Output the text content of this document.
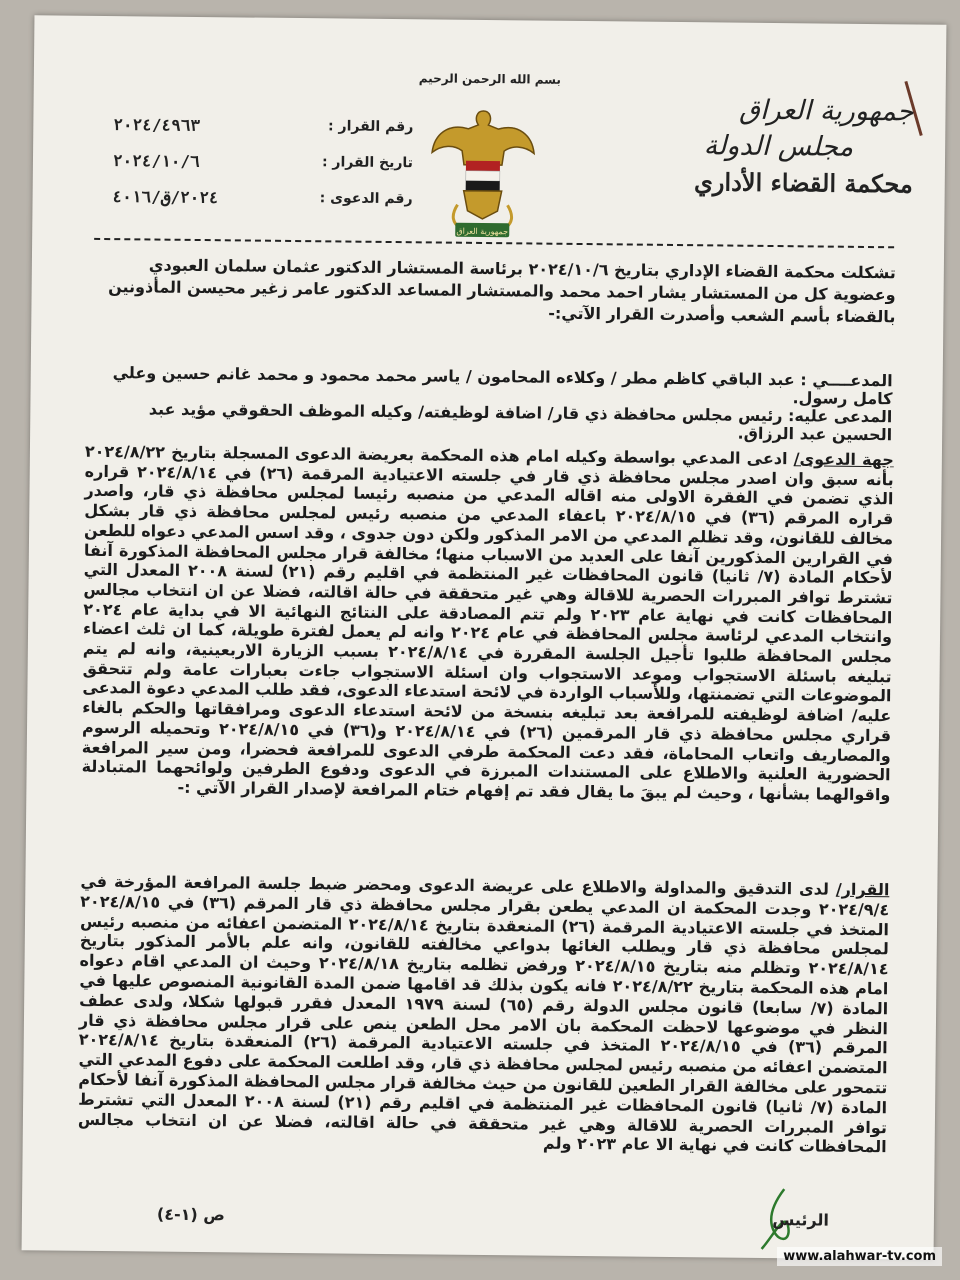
بسم الله الرحمن الرحيم
جمهورية العراق
مجلس الدولة
محكمة القضاء الأداري
جمهورية العراق
رقم القرار :
٢٠٢٤/٤٩٦٣
تاريخ القرار :
٢٠٢٤/١٠/٦
رقم الدعوى :
٢٠٢٤/ق/٤٠١٦
تشكلت محكمة القضاء الإداري بتاريخ ٢٠٢٤/١٠/٦ برئاسة المستشار الدكتور عثمان سلمان العبودي وعضوية كل من المستشار يشار احمد محمد والمستشار المساعد الدكتور عامر زغير محيسن المأذونين بالقضاء بأسم الشعب وأصدرت القرار الآتي:-
المدعــــي : عبد الباقي كاظم مطر / وكلاءه المحامون / ياسر محمد محمود و محمد غانم حسين وعلي كامل رسول.
المدعى عليه: رئيس مجلس محافظة ذي قار/ اضافة لوظيفته/ وكيله الموظف الحقوقي مؤيد عبد الحسين عبد الرزاق.
جهة الدعوى/ ادعى المدعي بواسطة وكيله امام هذه المحكمة بعريضة الدعوى المسجلة بتاريخ ٢٠٢٤/٨/٢٢ بأنه سبق وان اصدر مجلس محافظة ذي قار في جلسته الاعتيادية المرقمة (٢٦) في ٢٠٢٤/٨/١٤ قراره الذي تضمن في الفقرة الاولى منه اقاله المدعي من منصبه رئيسا لمجلس محافظة ذي قار، واصدر قراره المرقم (٣٦) في ٢٠٢٤/٨/١٥ باعفاء المدعي من منصبه رئيس لمجلس محافظة ذي قار بشكل مخالف للقانون، وقد تظلم المدعي من الامر المذكور ولكن دون جدوى ، وقد اسس المدعي دعواه للطعن في القرارين المذكورين آنفا على العديد من الاسباب منها؛ مخالفة قرار مجلس المحافظة المذكورة آنفا لأحكام المادة (٧/ ثانيا) قانون المحافظات غير المنتظمة في اقليم رقم (٢١) لسنة ٢٠٠٨ المعدل التي تشترط توافر المبررات الحصرية للاقالة وهي غير متحققة في حالة اقالته، فضلا عن ان انتخاب مجالس المحافظات كانت في نهاية عام ٢٠٢٣ ولم تتم المصادقة على النتائج النهائية الا في بداية عام ٢٠٢٤ وانتخاب المدعي لرئاسة مجلس المحافظة في عام ٢٠٢٤ وانه لم يعمل لفترة طويلة، كما ان ثلث اعضاء مجلس المحافظة طلبوا تأجيل الجلسة المقررة في ٢٠٢٤/٨/١٤ بسبب الزيارة الاربعينية، وانه لم يتم تبليغه باسئلة الاستجواب وموعد الاستجواب وان اسئلة الاستجواب جاءت بعبارات عامة ولم تتحقق الموضوعات التي تضمنتها، وللأسباب الواردة في لائحة استدعاء الدعوى، فقد طلب المدعي دعوة المدعى عليه/ اضافة لوظيفته للمرافعة بعد تبليغه بنسخة من لائحة استدعاء الدعوى ومرافقاتها والحكم بالغاء قراري مجلس محافظة ذي قار المرقمين (٢٦) في ٢٠٢٤/٨/١٤ و(٣٦) في ٢٠٢٤/٨/١٥ وتحميله الرسوم والمصاريف واتعاب المحاماة، فقد دعت المحكمة طرفي الدعوى للمرافعة فحضرا، ومن سير المرافعة الحضورية العلنية والاطلاع على المستندات المبرزة في الدعوى ودفوع الطرفين ولوائحهما المتبادلة واقوالهما بشأنها ، وحيث لم يبقَ ما يقال فقد تم إفهام ختام المرافعة لإصدار القرار الآتي :-
القرار/ لدى التدقيق والمداولة والاطلاع على عريضة الدعوى ومحضر ضبط جلسة المرافعة المؤرخة في ٢٠٢٤/٩/٤ وجدت المحكمة ان المدعي يطعن بقرار مجلس محافظة ذي قار المرقم (٣٦) في ٢٠٢٤/٨/١٥ المتخذ في جلسته الاعتيادية المرقمة (٢٦) المنعقدة بتاريخ ٢٠٢٤/٨/١٤ المتضمن اعفائه من منصبه رئيس لمجلس محافظة ذي قار ويطلب الغائها بدواعي مخالفته للقانون، وانه علم بالأمر المذكور بتاريخ ٢٠٢٤/٨/١٤ وتظلم منه بتاريخ ٢٠٢٤/٨/١٥ ورفض تظلمه بتاريخ ٢٠٢٤/٨/١٨ وحيث ان المدعي اقام دعواه امام هذه المحكمة بتاريخ ٢٠٢٤/٨/٢٢ فانه يكون بذلك قد اقامها ضمن المدة القانونية المنصوص عليها في المادة (٧/ سابعا) قانون مجلس الدولة رقم (٦٥) لسنة ١٩٧٩ المعدل فقرر قبولها شكلا، ولدى عطف النظر في موضوعها لاحظت المحكمة بان الامر محل الطعن ينص على قرار مجلس محافظة ذي قار المرقم (٣٦) في ٢٠٢٤/٨/١٥ المتخذ في جلسته الاعتيادية المرقمة (٢٦) المنعقدة بتاريخ ٢٠٢٤/٨/١٤ المتضمن اعفائه من منصبه رئيس لمجلس محافظة ذي قار، وقد اطلعت المحكمة على دفوع المدعي التي تتمحور على مخالفة القرار الطعين للقانون من حيث مخالفة قرار مجلس المحافظة المذكورة آنفا لأحكام المادة (٧/ ثانيا) قانون المحافظات غير المنتظمة في اقليم رقم (٢١) لسنة ٢٠٠٨ المعدل التي تشترط توافر المبررات الحصرية للاقالة وهي غير متحققة في حالة اقالته، فضلا عن ان انتخاب مجالس المحافظات كانت في نهاية الا عام ٢٠٢٣ ولم
الرئيس
ص (١-٤)
www.alahwar-tv.com
